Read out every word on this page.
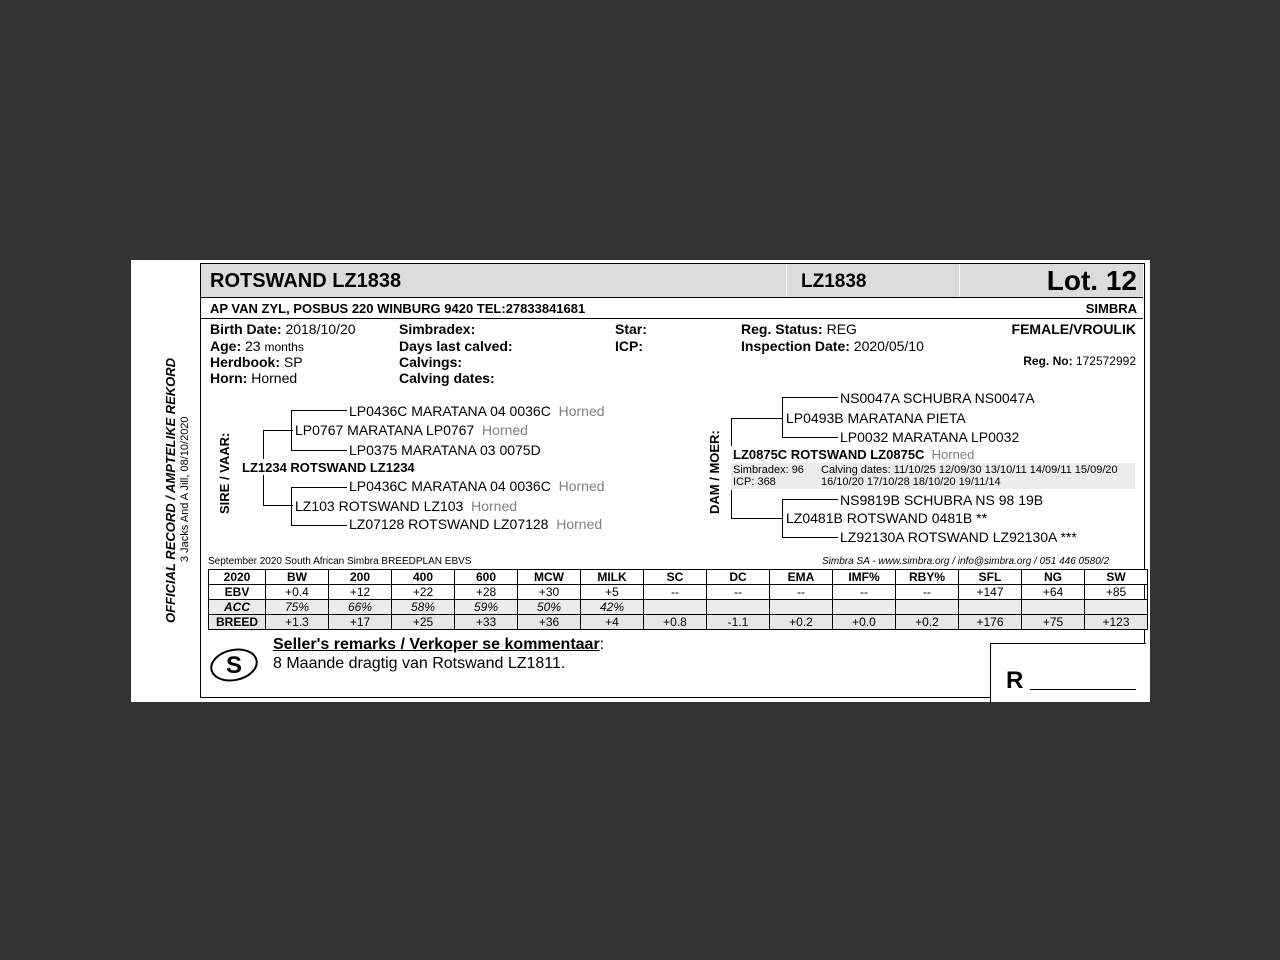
OFFICIAL RECORD / AMPTELIKE REKORD 3 Jacks And A Jill, 08/10/2020
ROTSWAND LZ1838	LZ1838	Lot. 12
AP VAN ZYL, POSBUS 220 WINBURG 9420 TEL:27833841681	SIMBRA
Birth Date: 2018/10/20
Age: 23 months
Herdbook: SP
Horn: Horned
Simbradex:
Days last calved:
Calvings:
Calving dates:
Star:
ICP:
Reg. Status: REG
Inspection Date: 2020/05/10
FEMALE/VROULIK
Reg. No: 172572992
SIRE / VAAR: LZ1234 ROTSWAND LZ1234
LP0767 MARATANA LP0767 Horned
LP0436C MARATANA 04 0036C Horned
LP0375 MARATANA 03 0075D
LZ103 ROTSWAND LZ103 Horned
LP0436C MARATANA 04 0036C Horned
LZ07128 ROTSWAND LZ07128 Horned
DAM / MOER: LZ0875C ROTSWAND LZ0875C Horned
Simbradex: 96
ICP: 368
Calving dates: 11/10/25 12/09/30 13/10/11 14/09/11 15/09/20
16/10/20 17/10/28 18/10/20 19/11/14
LP0493B MARATANA PIETA
NS0047A SCHUBRA NS0047A
LP0032 MARATANA LP0032
LZ0481B ROTSWAND 0481B **
NS9819B SCHUBRA NS 98 19B
LZ92130A ROTSWAND LZ92130A ***
September 2020 South African Simbra BREEDPLAN EBVS	Simbra SA - www.simbra.org / info@simbra.org / 051 446 0580/2
2020	BW	200	400	600	MCW	MILK	SC	DC	EMA	IMF%	RBY%	SFL	NG	SW
EBV	+0.4	+12	+22	+28	+30	+5	--	--	--	--	--	+147	+64	+85
ACC	75%	66%	58%	59%	50%	42%								
BREED	+1.3	+17	+25	+33	+36	+4	+0.8	-1.1	+0.2	+0.0	+0.2	+176	+75	+123
S
Seller's remarks / Verkoper se kommentaar:
8 Maande dragtig van Rotswand LZ1811.
R
